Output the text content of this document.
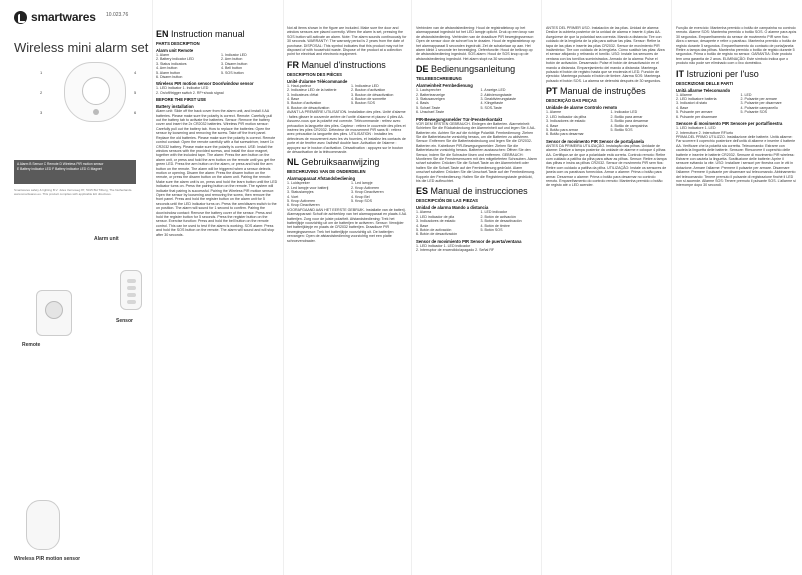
smartwares 10.023.76
Wireless mini alarm set
1
2
3
4
5
6
A Alarm B Sensor C Remote D Wireless PIR motion sensor
E Battery indicator LED F Battery indicator LED G Magnet
Smartwares safety & lighting B.V. Jules Verneweg 87, 5015 BH Tilburg, The Netherlands. www.smartwares.eu. This product complies with applicable EU directives.
Alarm unit
Sensor
Remote
Wireless PIR motion sensor
EN Instruction manual
PARTS DESCRIPTION
Alarm unit Remote
1. Alarm
2. Battery indicator LED
3. Status indicators
4. Arm button
5. Alarm button
6. Disarm button
1. Indicator LED
2. Arm button
3. Disarm button
4. Bell button
5. SOS button
Wireless PIR motion sensor Door/window sensor
1. LED indicator 1. Indicator LED
2. On/off/trigger switch 2. RF+shock signal
BEFORE THE FIRST USE
Battery installation
Alarm unit: Slide off the back cover from the alarm unit, and install 4 AA batteries. Please make sure the polarity is correct. Remote: Carefully pull out the battery tab to activate the batteries. Sensor: Remove the battery cover and insert the 2x CR2032 batteries. Wireless PIR motion sensor: Carefully pull out the battery tab. How to replace the batteries: Open the sensor by loosening and removing the screw. Take off the front panel. Replace the old batteries. Please make sure the polarity is correct. Remote control contact: Open the remote carefully with a flat screwdriver, insert 1x CR2032 battery. Please make sure the polarity is correct. USE: Install the window sensors with the provided screws, and install the door magnet, together with the included tape. The alarm: Press the arm button on the alarm unit, or press and hold the arm button on the remote until you get the green LED. Press the arm button on the alarm, or press and hold the arm button on the remote. The alarm will be triggered when a sensor detects motion or opening. Disarm the alarm: Press the disarm button on the remote, or press the disarm button on the alarm unit. Pairing the remote: Make sure the alarm unit is on, press and hold the learn button until the LED indicator turns on. Press the pairing button on the remote. The system will indicate that pairing is successful. Pairing the Wireless PIR motion sensor: Open the sensor by loosening and removing the screw, then remove the front panel. Press and hold the register button on the alarm unit for 5 seconds until the LED indicator turns on. Press the arm/disarm switch to the on position. The alarm will sound for 1 second to confirm. Pairing the door/window contact: Remove the battery cover of the sensor. Press and hold the register button for 5 seconds. Press the register button on the sensor. Exercise function: Press and hold the bell button on the remote control. This can be used to test if the alarm is working. SOS alarm: Press and hold the SOS button on the remote. The alarm will sound and will stop after 30 seconds.
Not all items shown in the figure are included. Make sure the door and window sensors are placed correctly. When the alarm is set, pressing the SOS button will activate an alarm. Note: The alarm sounds continuously for 30 seconds. WARRANTY: The warranty period is 2 years from the date of purchase. DISPOSAL: This symbol indicates that this product may not be disposed of with household waste. Dispose of the product at a collection point for electrical and electronic equipment.
FR Manuel d'instructions
DESCRIPTION DES PIÈCES
Unité d'alarme Télécommande
1. Haut-parleur
2. Indicateur LED de la batterie
3. Indicateurs d'état
4. Base
5. Bouton d'activation
6. Bouton de désactivation
1. Indicateur LED
2. Bouton d'activation
3. Bouton de désactivation
4. Bouton de sonnette
5. Bouton SOS
AVANT LA PREMIÈRE UTILISATION. Installation des piles. Unité d'alarme : faites glisser le couvercle arrière de l'unité d'alarme et placez 4 piles AA. Assurez-vous que la polarité est correcte. Télécommande : retirez avec précaution la languette des piles. Capteur : retirez le couvercle des piles et insérez les piles CR2032. Détecteur de mouvement PIR sans fil : retirez avec précaution la languette des piles. UTILISATION : Installez les détecteurs de mouvement avec les vis fournies, et installez les contacts de porte et de fenêtre avec l'adhésif double face. Activation de l'alarme : appuyez sur le bouton d'activation. Désactivation : appuyez sur le bouton de désactivation de la télécommande.
NL Gebruiksaanwijzing
BESCHRIJVING VAN DE ONDERDELEN
Alarmapparaat Afstandsbediening
1. Luidspreker
2. Led lampje voor batterij
3. Statuslampjes
4. Voet
5. Knop Activeren
6. Knop Deactiveren
1. Led lampje
2. Knop Activeren
3. Knop Deactiveren
4. Knop Bel
5. Knop SOS
VOORAFGAAND AAN HET EERSTE GEBRUIK. Installatie van de batterij. Alarmapparaat: Schuif de achterklep van het alarmapparaat en plaats 4 AA batterijen. Zorg voor de juiste polariteit. Afstandsbediening: Trek het batterijlipje voorzichtig uit om de batterijen te activeren. Sensor: Verwijder het batterijklepje en plaats de CR2032 batterijen. Draadloze PIR bewegingssensor: Trek het batterijlipje voorzichtig uit. De batterijen vervangen: Open de afstandsbediening voorzichtig met een platte schroevendraaier.
Verbinden van de afstandsbediening: Houd de registratieknop op het alarmapparaat ingedrukt tot het LED lampje oplicht. Druk op een knop van de afstandsbediening. Verbinden van de draadloze PIR bewegingssensor: Open de sensor door de schroef los te draaien. Houd de registratieknop op het alarmapparaat 5 seconden ingedrukt. Zet de schakelaar op aan. Het alarm klinkt 1 seconde ter bevestiging. Oefenfunctie: Houd de belknop op de afstandsbediening ingedrukt. SOS alarm: Houd de SOS knop op de afstandsbediening ingedrukt. Het alarm stopt na 30 seconden.
DE Bedienungsanleitung
TEILEBESCHREIBUNG
Alarmeinheit Fernbedienung
1. Lautsprecher
2. Batterieanzeige
3. Statusanzeigen
4. Basis
5. Scharf-Taste
6. Unscharf-Taste
1. Anzeige-LED
2. Aktivierungstaste
3. Deaktivierungstaste
4. Klingeltaste
5. SOS-Taste
PIR-Bewegungsmelder Tür-/Fensterkontakt
VOR DEM ERSTEN GEBRAUCH. Einlegen der Batterien. Alarmeinheit: Schieben Sie die Rückabdeckung der Alarmeinheit auf und legen Sie 4 AA-Batterien ein. Achten Sie auf die richtige Polarität. Fernbedienung: Ziehen Sie die Batterielasche vorsichtig heraus, um die Batterien zu aktivieren. Sensor: Entfernen Sie die Batterieabdeckung und legen Sie die CR2032-Batterien ein. Kabelloser PIR-Bewegungsmelder: Ziehen Sie die Batterielasche vorsichtig heraus. Batterien austauschen: Öffnen Sie den Sensor, indem Sie die Schraube lösen und entfernen. GEBRAUCH: Montieren Sie die Fenstersensoren mit den mitgelieferten Schrauben. Alarm scharf schalten: Drücken Sie die Scharf-Taste an der Alarmeinheit oder halten Sie die Scharf-Taste auf der Fernbedienung gedrückt. Alarm unscharf schalten: Drücken Sie die Unscharf-Taste auf der Fernbedienung. Koppeln der Fernbedienung: Halten Sie die Registrierungstaste gedrückt, bis die LED aufleuchtet.
ES Manual de instrucciones
DESCRIPCIÓN DE LAS PIEZAS
Unidad de alarma Mando a distancia
1. Alarma
2. LED indicador de pila
3. Indicadores de estado
4. Base
5. Botón de activación
6. Botón de desactivación
1. LED indicador
2. Botón de activación
3. Botón de desactivación
4. Botón de timbre
5. Botón SOS
Sensor de movimiento PIR Sensor de puerta/ventana
1. LED indicador 1. LED indicador
2. Interruptor de encendido/apagado 2. Señal RF
ANTES DEL PRIMER USO. Instalación de las pilas. Unidad de alarma: Deslice la cubierta posterior de la unidad de alarma e inserte 4 pilas AA. Asegúrese de que la polaridad sea correcta. Mando a distancia: Tire con cuidado de la lengüeta de la pila para activar las pilas. Sensor: Retire la tapa de las pilas e inserte las pilas CR2032. Sensor de movimiento PIR inalámbrico: Tire con cuidado de la lengüeta. Cómo sustituir las pilas: Abra el sensor aflojando y retirando el tornillo. USO: Instale los sensores de ventana con los tornillos suministrados. Armado de la alarma: Pulse el botón de activación. Desarmado: Pulse el botón de desactivación en el mando a distancia. Emparejamiento del mando a distancia: Mantenga pulsado el botón de registro hasta que se encienda el LED. Función de ejercicio: Mantenga pulsado el botón de timbre. Alarma SOS: Mantenga pulsado el botón SOS. La alarma se detendrá después de 30 segundos.
PT Manual de instruções
DESCRIÇÃO DAS PEÇAS
Unidade de alarme Controlo remoto
1. Alarme
2. LED indicador da pilha
3. Indicadores de estado
4. Base
5. Botão para armar
6. Botão para desarmar
1. Indicador LED
2. Botão para armar
3. Botão para desarmar
4. Botão de campainha
5. Botão SOS
Sensor de movimento PIR Sensor de porta/janela
ANTES DA PRIMEIRA UTILIZAÇÃO. Instalação das pilhas. Unidade de alarme: Deslize a tampa posterior da unidade de alarme e coloque 4 pilhas AA. Certifique-se de que a polaridade está correta. Controlo remoto: Retire com cuidado a patilha da pilha para ativar as pilhas. Sensor: Retire a tampa das pilhas e insira as pilhas CR2032. Sensor de movimento PIR sem fios: Retire com cuidado a patilha da pilha. UTILIZAÇÃO: Instale os sensores de janela com os parafusos fornecidos. Armar o alarme: Prima o botão para armar. Desarmar o alarme: Prima o botão para desarmar no controlo remoto. Emparelhamento do controlo remoto: Mantenha premido o botão de registo até o LED acender.
Função de exercício: Mantenha premido o botão de campainha no controlo remoto. Alarme SOS: Mantenha premido o botão SOS. O alarme para após 30 segundos. Emparelhamento do sensor de movimento PIR sem fios: Abra o sensor, desaperte e retire o parafuso. Mantenha premido o botão de registo durante 5 segundos. Emparelhamento do contacto de porta/janela: Retire a tampa das pilhas. Mantenha premido o botão de registo durante 5 segundos. Prima o botão de registo no sensor. GARANTIA: Este produto tem uma garantia de 2 anos. ELIMINAÇÃO: Este símbolo indica que o produto não pode ser eliminado com o lixo doméstico.
IT Istruzioni per l'uso
DESCRIZIONE DELLE PARTI
Unità allarme Telecomando
1. Allarme
2. LED indicatore batteria
3. Indicatori di stato
4. Base
5. Pulsante per armare
6. Pulsante per disarmare
1. LED
2. Pulsante per armare
3. Pulsante per disarmare
4. Pulsante campanello
5. Pulsante SOS
Sensore di movimento PIR Sensore per porta/finestra
1. LED indicatore 1. LED
2. Interruttore 2. Interruttore RF/urto
PRIMA DEL PRIMO UTILIZZO. Installazione delle batterie. Unità allarme: Far scorrere il coperchio posteriore dell'unità di allarme e inserire 4 batterie AA. Verificare che la polarità sia corretta. Telecomando: Estrarre con cautela la linguetta delle batterie. Sensore: Rimuovere il coperchio delle batterie e inserire le batterie CR2032. Sensore di movimento PIR wireless: Estrarre con cautela la linguetta. Sostituzione delle batterie: Aprire il sensore svitando la vite. USO: Installare i sensori per finestra con le viti in dotazione. Armare l'allarme: Premere il pulsante per armare. Disarmare l'allarme: Premere il pulsante per disarmare sul telecomando. Abbinamento del telecomando: Tenere premuto il pulsante di registrazione finché il LED non si accende. Allarme SOS: Tenere premuto il pulsante SOS. L'allarme si interrompe dopo 30 secondi.
